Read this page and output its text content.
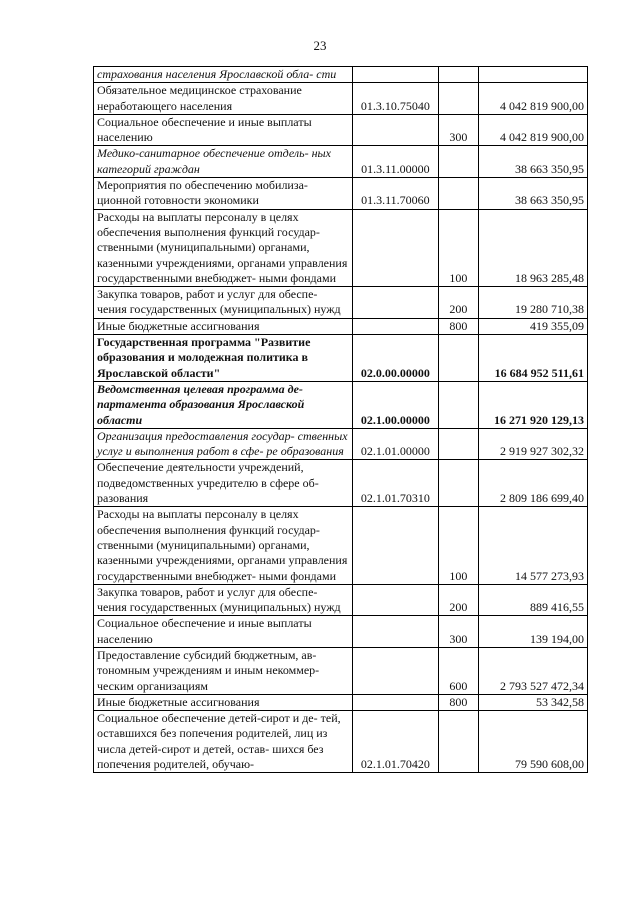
23
страхования населения Ярославской обла- сти			
Обязательное медицинское страхование неработающего населения	01.3.10.75040		4 042 819 900,00
Социальное обеспечение и иные выплаты населению		300	4 042 819 900,00
Медико-санитарное обеспечение отдель- ных категорий граждан	01.3.11.00000		38 663 350,95
Мероприятия по обеспечению мобилиза- ционной готовности экономики	01.3.11.70060		38 663 350,95
Расходы на выплаты персоналу в целях обеспечения выполнения функций госудаp- ственными (муниципальными) органами, казенными учреждениями, органами управления государственными внебюджет- ными фондами		100	18 963 285,48
Закупка товаров, работ и услуг для обеспе- чения государственных (муниципальных) нужд		200	19 280 710,38
Иные бюджетные ассигнования		800	419 355,09
Государственная программа "Развитие образования и молодежная политика в Ярославской области"	02.0.00.00000		16 684 952 511,61
Ведомственная целевая программа де- партамента образования Ярославской области	02.1.00.00000		16 271 920 129,13
Организация предоставления государ- ственных услуг и выполнения работ в сфе- ре образования	02.1.01.00000		2 919 927 302,32
Обеспечение деятельности учреждений, подведомственных учредителю в сфере об- разования	02.1.01.70310		2 809 186 699,40
Расходы на выплаты персоналу в целях обеспечения выполнения функций госудаp- ственными (муниципальными) органами, казенными учреждениями, органами управления государственными внебюджет- ными фондами		100	14 577 273,93
Закупка товаров, работ и услуг для обеспе- чения государственных (муниципальных) нужд		200	889 416,55
Социальное обеспечение и иные выплаты населению		300	139 194,00
Предоставление субсидий бюджетным, ав- тономным учреждениям и иным некоммер- ческим организациям		600	2 793 527 472,34
Иные бюджетные ассигнования		800	53 342,58
Социальное обеспечение детей-сирот и де- тей, оставшихся без попечения родителей, лиц из числа детей-сирот и детей, остав- шихся без попечения родителей, обучаю-	02.1.01.70420		79 590 608,00
